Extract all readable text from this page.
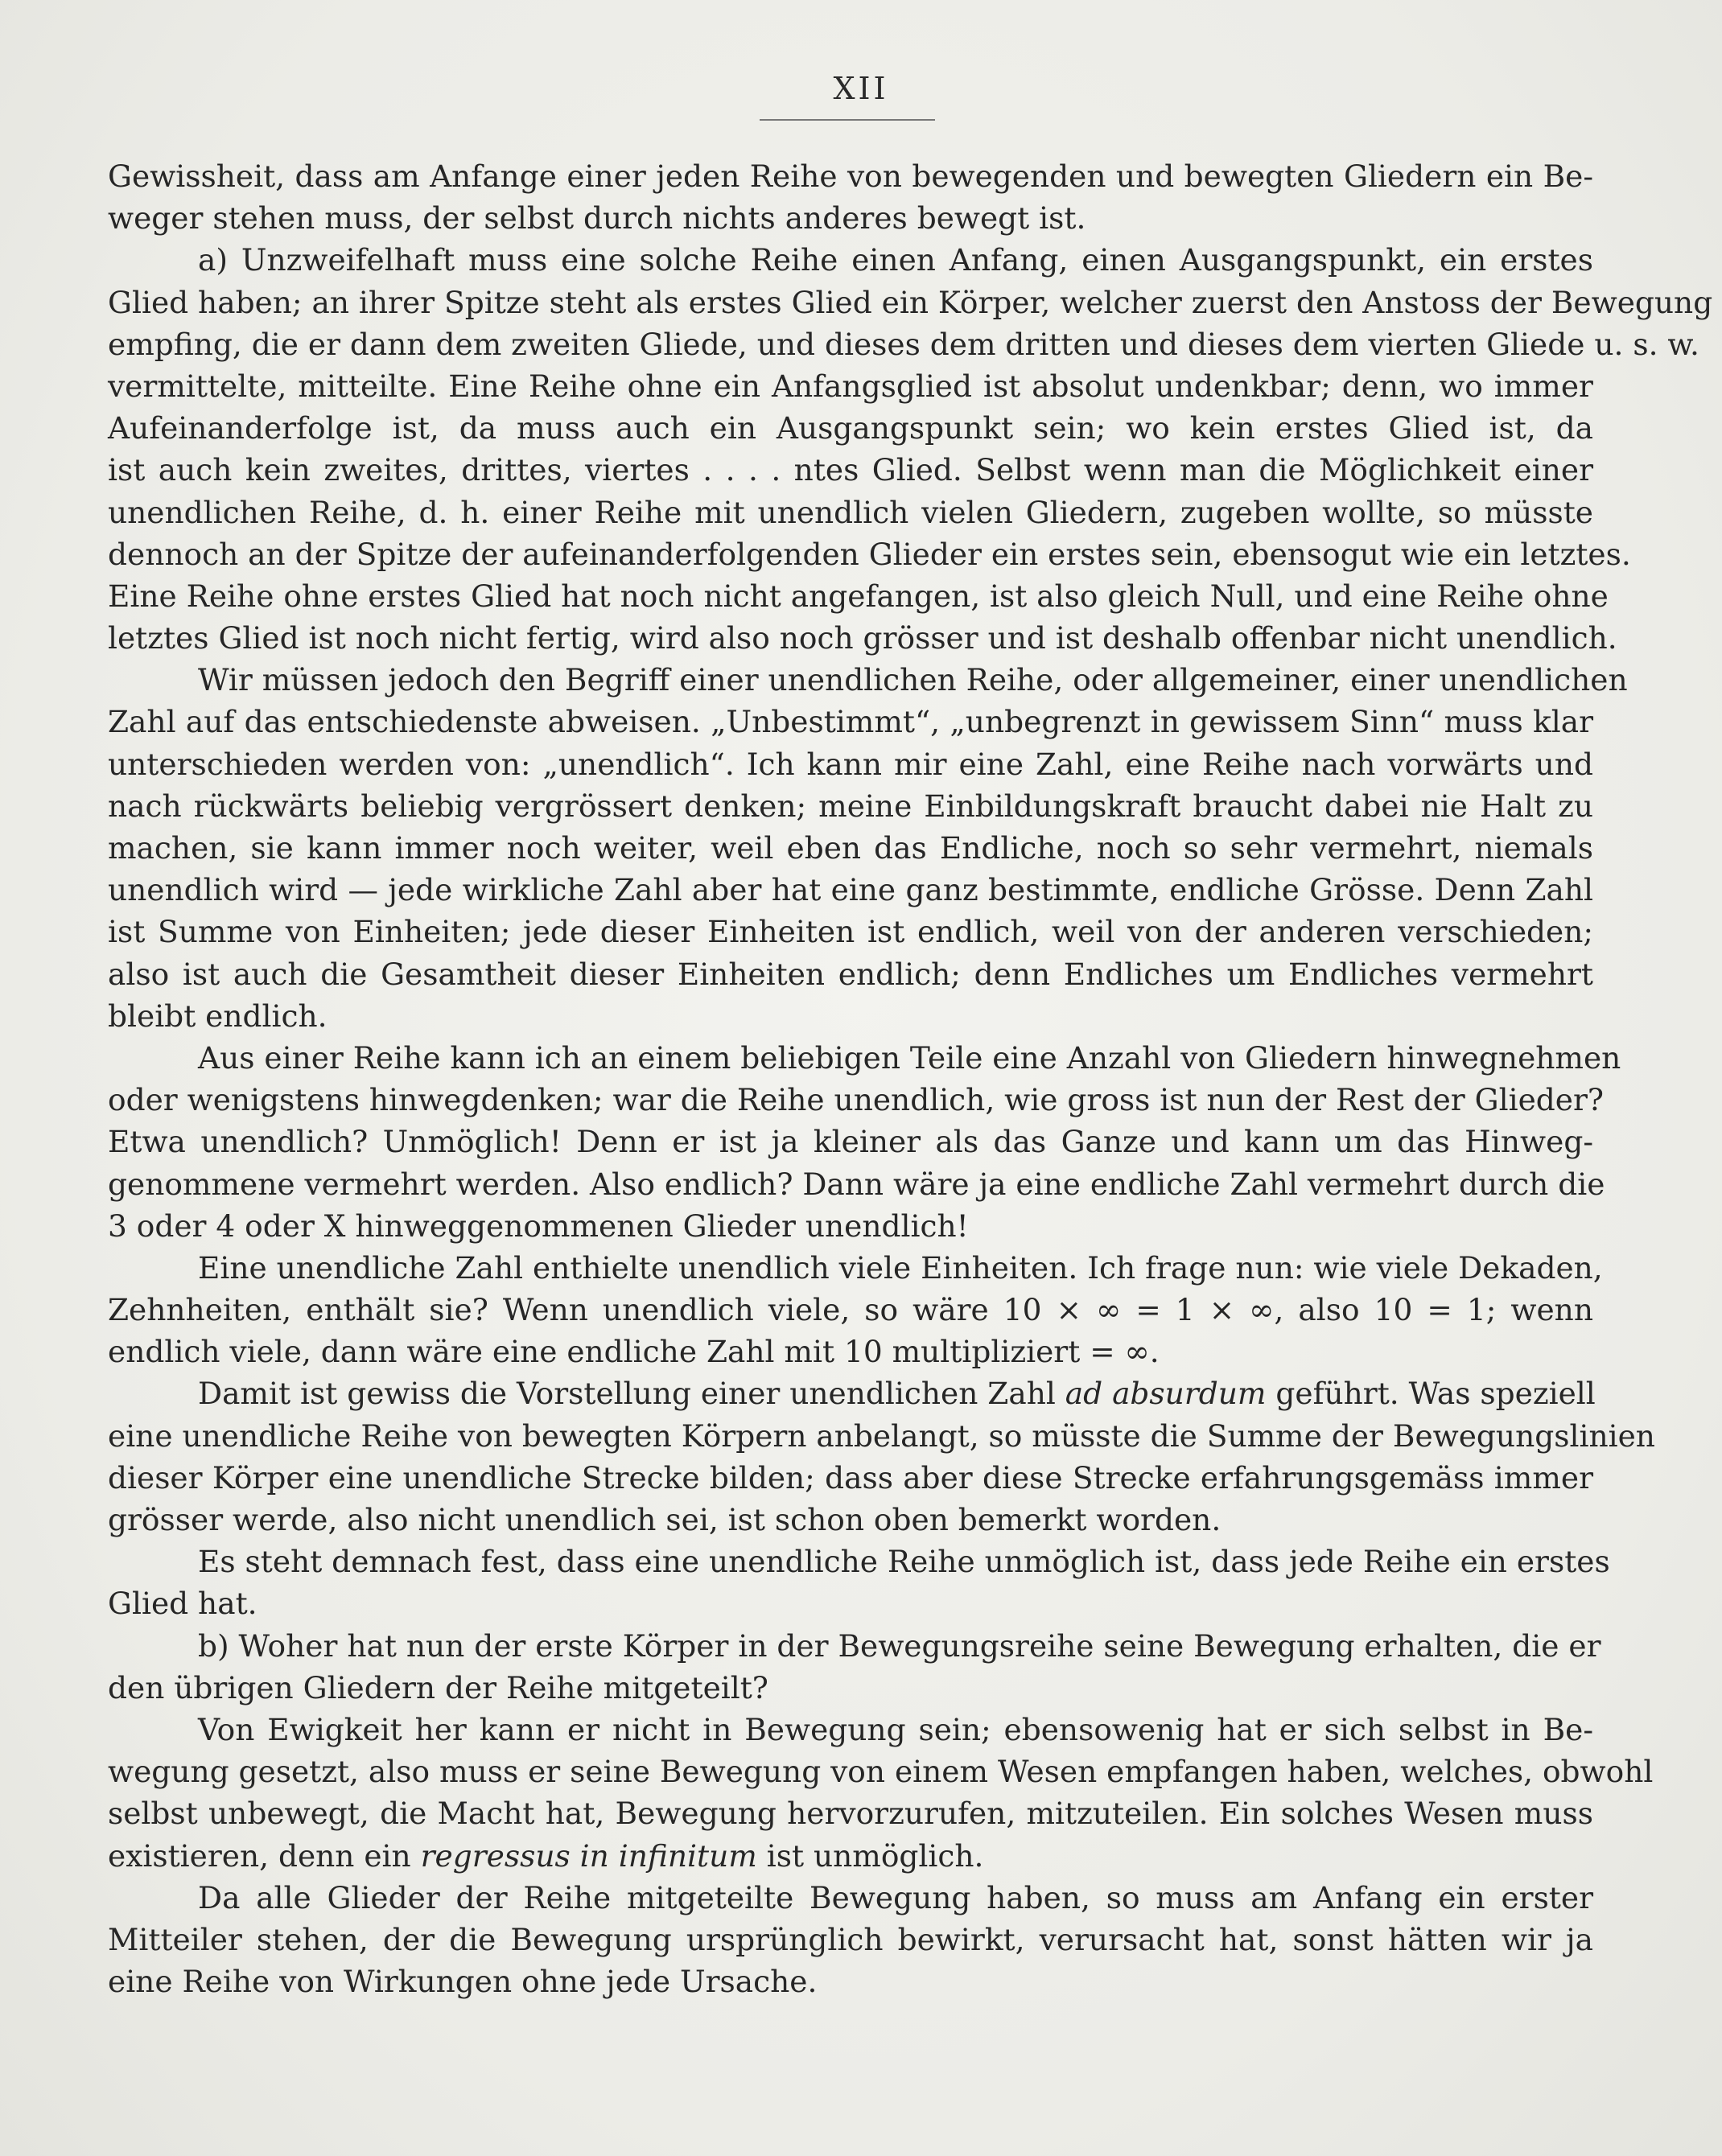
XII
Gewissheit, dass am Anfange einer jeden Reihe von bewegenden und bewegten Gliedern ein Be-
weger stehen muss, der selbst durch nichts anderes bewegt ist.
a) Unzweifelhaft muss eine solche Reihe einen Anfang, einen Ausgangspunkt, ein erstes
Glied haben; an ihrer Spitze steht als erstes Glied ein Körper, welcher zuerst den Anstoss der Bewegung
empfing, die er dann dem zweiten Gliede, und dieses dem dritten und dieses dem vierten Gliede u. s. w.
vermittelte, mitteilte. Eine Reihe ohne ein Anfangsglied ist absolut undenkbar; denn, wo immer
Aufeinanderfolge ist, da muss auch ein Ausgangspunkt sein; wo kein erstes Glied ist, da
ist auch kein zweites, drittes, viertes . . . . ntes Glied. Selbst wenn man die Möglichkeit einer
unendlichen Reihe, d. h. einer Reihe mit unendlich vielen Gliedern, zugeben wollte, so müsste
dennoch an der Spitze der aufeinanderfolgenden Glieder ein erstes sein, ebensogut wie ein letztes.
Eine Reihe ohne erstes Glied hat noch nicht angefangen, ist also gleich Null, und eine Reihe ohne
letztes Glied ist noch nicht fertig, wird also noch grösser und ist deshalb offenbar nicht unendlich.
Wir müssen jedoch den Begriff einer unendlichen Reihe, oder allgemeiner, einer unendlichen
Zahl auf das entschiedenste abweisen. „Unbestimmt“, „unbegrenzt in gewissem Sinn“ muss klar
unterschieden werden von: „unendlich“. Ich kann mir eine Zahl, eine Reihe nach vorwärts und
nach rückwärts beliebig vergrössert denken; meine Einbildungskraft braucht dabei nie Halt zu
machen, sie kann immer noch weiter, weil eben das Endliche, noch so sehr vermehrt, niemals
unendlich wird — jede wirkliche Zahl aber hat eine ganz bestimmte, endliche Grösse. Denn Zahl
ist Summe von Einheiten; jede dieser Einheiten ist endlich, weil von der anderen verschieden;
also ist auch die Gesamtheit dieser Einheiten endlich; denn Endliches um Endliches vermehrt
bleibt endlich.
Aus einer Reihe kann ich an einem beliebigen Teile eine Anzahl von Gliedern hinwegnehmen
oder wenigstens hinwegdenken; war die Reihe unendlich, wie gross ist nun der Rest der Glieder?
Etwa unendlich? Unmöglich! Denn er ist ja kleiner als das Ganze und kann um das Hinweg-
genommene vermehrt werden. Also endlich? Dann wäre ja eine endliche Zahl vermehrt durch die
3 oder 4 oder X hinweggenommenen Glieder unendlich!
Eine unendliche Zahl enthielte unendlich viele Einheiten. Ich frage nun: wie viele Dekaden,
Zehnheiten, enthält sie? Wenn unendlich viele, so wäre 10 × ∞ = 1 × ∞, also 10 = 1; wenn
endlich viele, dann wäre eine endliche Zahl mit 10 multipliziert = ∞.
Damit ist gewiss die Vorstellung einer unendlichen Zahl ad absurdum geführt. Was speziell
eine unendliche Reihe von bewegten Körpern anbelangt, so müsste die Summe der Bewegungslinien
dieser Körper eine unendliche Strecke bilden; dass aber diese Strecke erfahrungsgemäss immer
grösser werde, also nicht unendlich sei, ist schon oben bemerkt worden.
Es steht demnach fest, dass eine unendliche Reihe unmöglich ist, dass jede Reihe ein erstes
Glied hat.
b) Woher hat nun der erste Körper in der Bewegungsreihe seine Bewegung erhalten, die er
den übrigen Gliedern der Reihe mitgeteilt?
Von Ewigkeit her kann er nicht in Bewegung sein; ebensowenig hat er sich selbst in Be-
wegung gesetzt, also muss er seine Bewegung von einem Wesen empfangen haben, welches, obwohl
selbst unbewegt, die Macht hat, Bewegung hervorzurufen, mitzuteilen. Ein solches Wesen muss
existieren, denn ein regressus in infinitum ist unmöglich.
Da alle Glieder der Reihe mitgeteilte Bewegung haben, so muss am Anfang ein erster
Mitteiler stehen, der die Bewegung ursprünglich bewirkt, verursacht hat, sonst hätten wir ja
eine Reihe von Wirkungen ohne jede Ursache.
